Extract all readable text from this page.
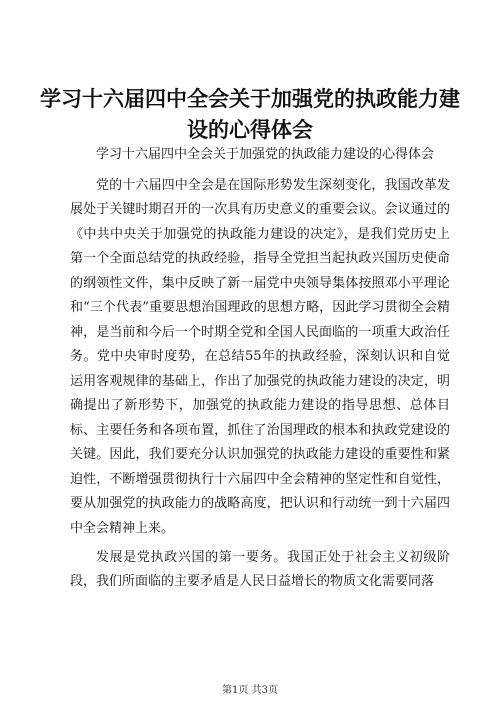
学习十六届四中全会关于加强党的执政能力建设的心得体会

学习十六届四中全会关于加强党的执政能力建设的心得体会

党的十六届四中全会是在国际形势发生深刻变化，我国改革发展处于关键时期召开的一次具有历史意义的重要会议。会议通过的《中共中央关于加强党的执政能力建设的决定》，是我们党历史上第一个全面总结党的执政经验，指导全党担当起执政兴国历史使命的纲领性文件，集中反映了新一届党中央领导集体按照邓小平理论和“三个代表”重要思想治国理政的思想方略，因此学习贯彻全会精神，是当前和今后一个时期全党和全国人民面临的一项重大政治任务。党中央审时度势，在总结55年的执政经验，深刻认识和自觉运用客观规律的基础上，作出了加强党的执政能力建设的决定，明确提出了新形势下，加强党的执政能力建设的指导思想、总体目标、主要任务和各项布置，抓住了治国理政的根本和执政党建设的关键。因此，我们要充分认识加强党的执政能力建设的重要性和紧迫性，不断增强贯彻执行十六届四中全会精神的坚定性和自觉性，要从加强党的执政能力的战略高度，把认识和行动统一到十六届四中全会精神上来。

发展是党执政兴国的第一要务。我国正处于社会主义初级阶段，我们所面临的主要矛盾是人民日益增长的物质文化需要同落

第1页 共3页
